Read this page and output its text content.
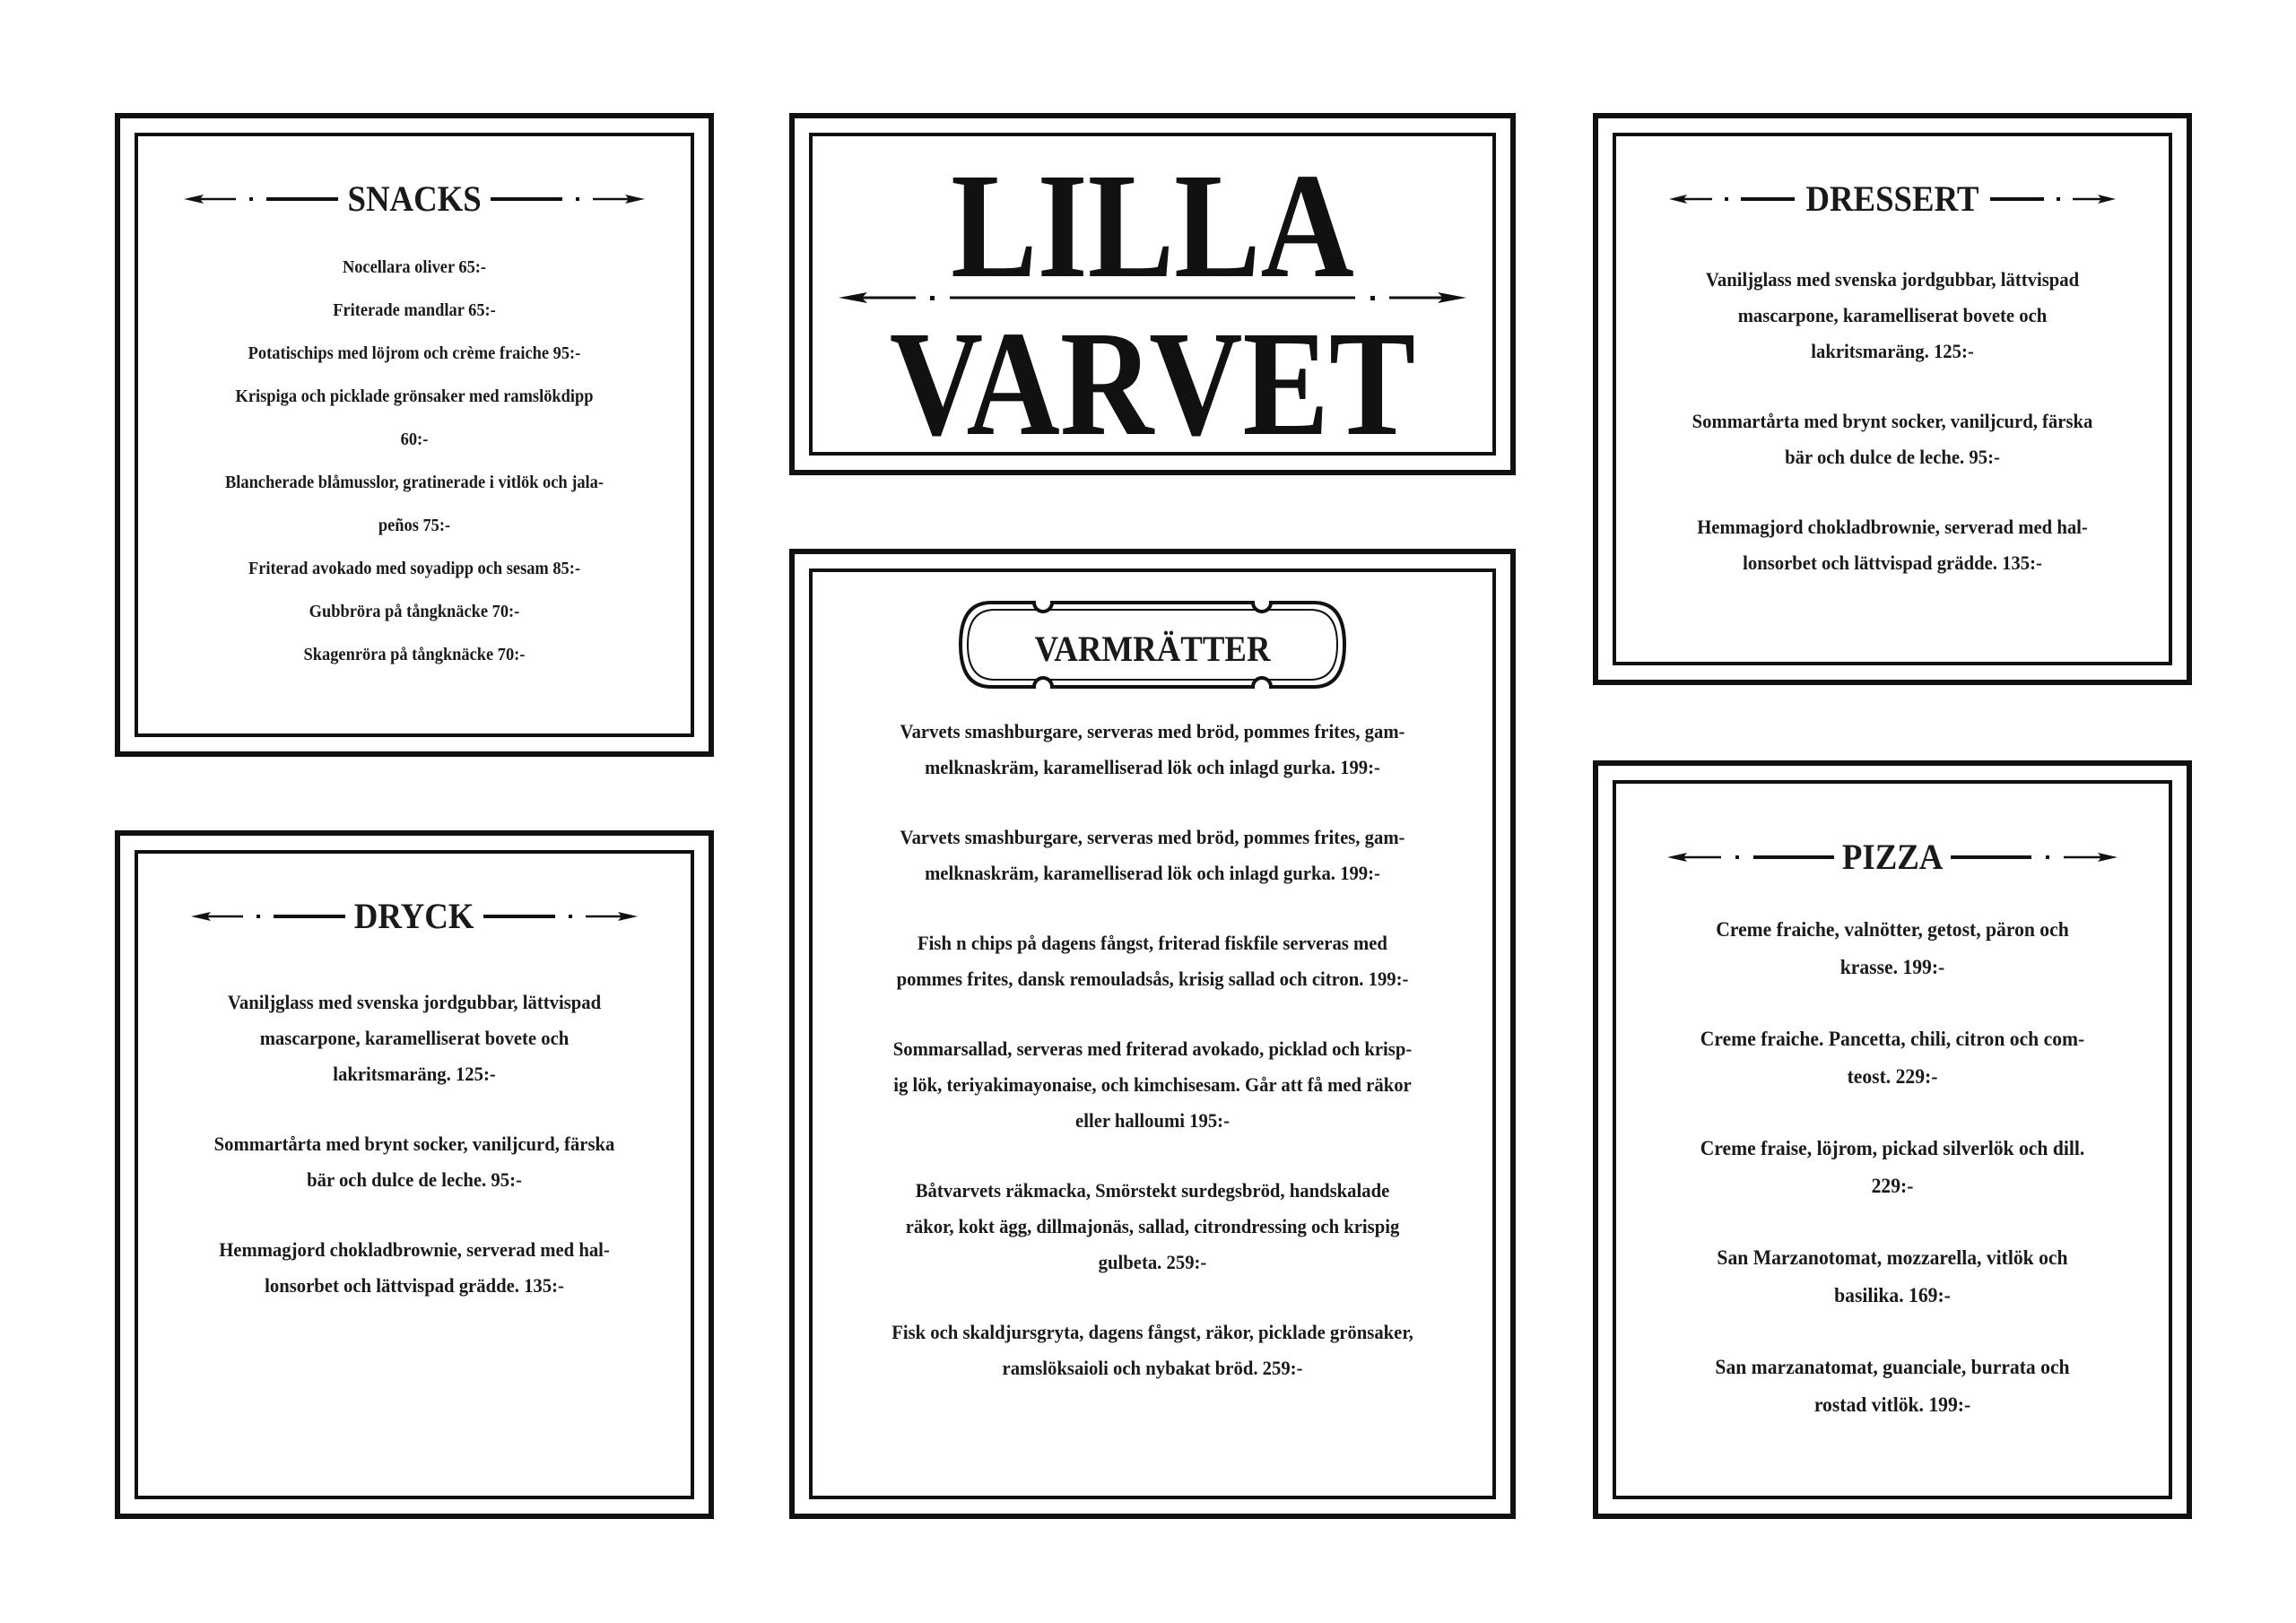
SNACKS
Nocellara oliver 65:-
Friterade mandlar 65:-
Potatischips med löjrom och crème fraiche 95:-
Krispiga och picklade grönsaker med ramslökdipp
60:-
Blancherade blåmusslor, gratinerade i vitlök och jala-
peños 75:-
Friterad avokado med soyadipp och sesam 85:-
Gubbröra på tångknäcke 70:-
Skagenröra på tångknäcke 70:-
DRYCK
Vaniljglass med svenska jordgubbar, lättvispad
mascarpone, karamelliserat bovete och
lakritsmaräng. 125:-
Sommartårta med brynt socker, vaniljcurd, färska
bär och dulce de leche. 95:-
Hemmagjord chokladbrownie, serverad med hal-
lonsorbet och lättvispad grädde. 135:-
LILLA
VARVET
VARMRÄTTER
Varvets smashburgare, serveras med bröd, pommes frites, gam-
melknaskräm, karamelliserad lök och inlagd gurka. 199:-
Varvets smashburgare, serveras med bröd, pommes frites, gam-
melknaskräm, karamelliserad lök och inlagd gurka. 199:-
Fish n chips på dagens fångst, friterad fiskfile serveras med
pommes frites, dansk remouladsås, krisig sallad och citron. 199:-
Sommarsallad, serveras med friterad avokado, picklad och krisp-
ig lök, teriyakimayonaise, och kimchisesam. Går att få med räkor
eller halloumi 195:-
Båtvarvets räkmacka, Smörstekt surdegsbröd, handskalade
räkor, kokt ägg, dillmajonäs, sallad, citrondressing och krispig
gulbeta. 259:-
Fisk och skaldjursgryta, dagens fångst, räkor, picklade grönsaker,
ramslöksaioli och nybakat bröd. 259:-
DRESSERT
Vaniljglass med svenska jordgubbar, lättvispad
mascarpone, karamelliserat bovete och
lakritsmaräng. 125:-
Sommartårta med brynt socker, vaniljcurd, färska
bär och dulce de leche. 95:-
Hemmagjord chokladbrownie, serverad med hal-
lonsorbet och lättvispad grädde. 135:-
PIZZA
Creme fraiche, valnötter, getost, päron och
krasse. 199:-
Creme fraiche. Pancetta, chili, citron och com-
teost. 229:-
Creme fraise, löjrom, pickad silverlök och dill.
229:-
San Marzanotomat, mozzarella, vitlök och
basilika. 169:-
San marzanatomat, guanciale, burrata och
rostad vitlök. 199:-
